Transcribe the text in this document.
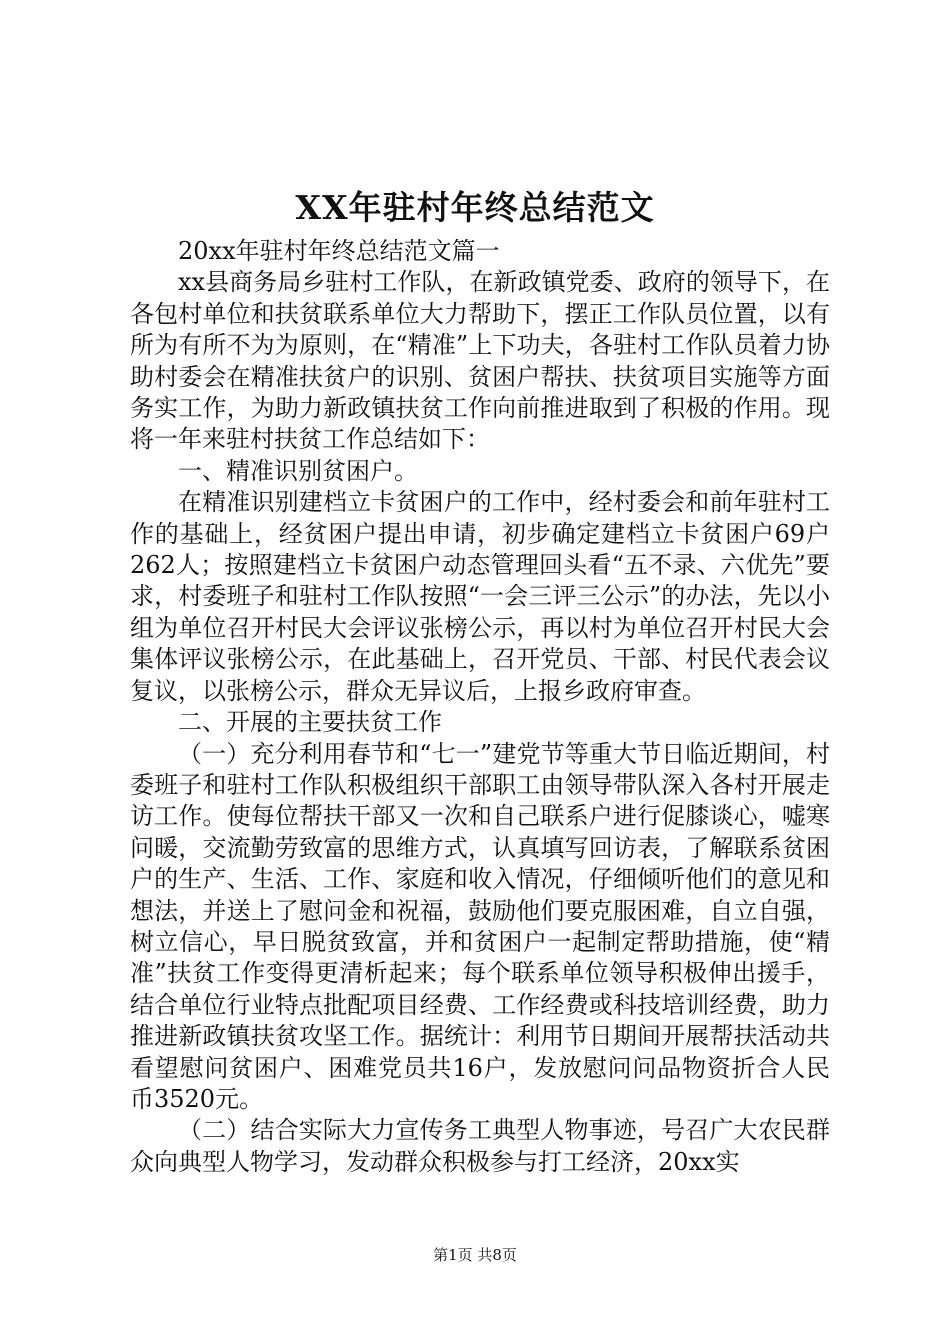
XX年驻村年终总结范文

20xx年驻村年终总结范文篇一

xx县商务局乡驻村工作队，在新政镇党委、政府的领导下，在各包村单位和扶贫联系单位大力帮助下，摆正工作队员位置，以有所为有所不为为原则，在“精准”上下功夫，各驻村工作队员着力协助村委会在精准扶贫户的识别、贫困户帮扶、扶贫项目实施等方面务实工作，为助力新政镇扶贫工作向前推进取到了积极的作用。现将一年来驻村扶贫工作总结如下：

一、精准识别贫困户。

在精准识别建档立卡贫困户的工作中，经村委会和前年驻村工作的基础上，经贫困户提出申请，初步确定建档立卡贫困户69户262人；按照建档立卡贫困户动态管理回头看“五不录、六优先”要求，村委班子和驻村工作队按照“一会三评三公示”的办法，先以小组为单位召开村民大会评议张榜公示，再以村为单位召开村民大会集体评议张榜公示，在此基础上，召开党员、干部、村民代表会议复议，以张榜公示，群众无异议后，上报乡政府审查。

二、开展的主要扶贫工作

（一）充分利用春节和“七一”建党节等重大节日临近期间，村委班子和驻村工作队积极组织干部职工由领导带队深入各村开展走访工作。使每位帮扶干部又一次和自己联系户进行促膝谈心，嘘寒问暖，交流勤劳致富的思维方式，认真填写回访表，了解联系贫困户的生产、生活、工作、家庭和收入情况，仔细倾听他们的意见和想法，并送上了慰问金和祝福，鼓励他们要克服困难，自立自强，树立信心，早日脱贫致富，并和贫困户一起制定帮助措施，使“精准”扶贫工作变得更清析起来；每个联系单位领导积极伸出援手，结合单位行业特点批配项目经费、工作经费或科技培训经费，助力推进新政镇扶贫攻坚工作。据统计：利用节日期间开展帮扶活动共看望慰问贫困户、困难党员共16户，发放慰问问品物资折合人民币3520元。

（二）结合实际大力宣传务工典型人物事迹，号召广大农民群众向典型人物学习，发动群众积极参与打工经济，20xx实

第1页 共8页
